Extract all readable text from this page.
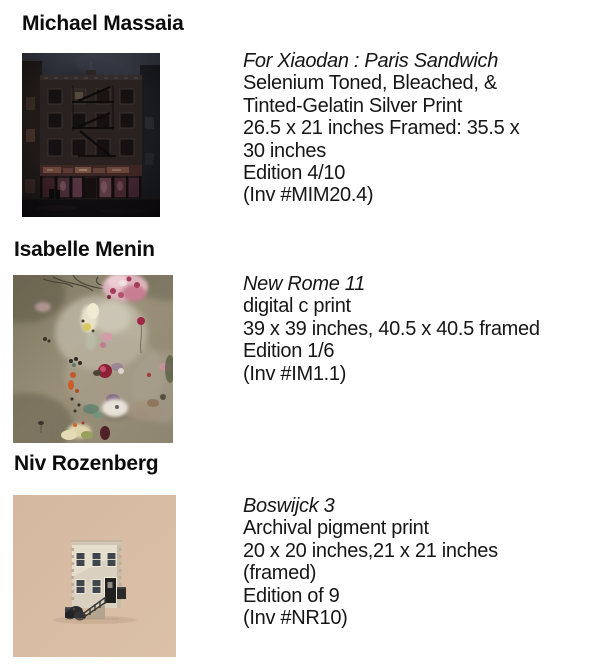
Michael Massaia
For Xiaodan : Paris Sandwich
Selenium Toned, Bleached, &
Tinted-Gelatin Silver Print
26.5 x 21 inches Framed: 35.5 x
30 inches
Edition 4/10
(Inv #MIM20.4)
Isabelle Menin
New Rome 11
digital c print
39 x 39 inches, 40.5 x 40.5 framed
Edition 1/6
(Inv #IM1.1)
Niv Rozenberg
Boswijck 3
Archival pigment print
20 x 20 inches,21 x 21 inches
(framed)
Edition of 9
(Inv #NR10)
